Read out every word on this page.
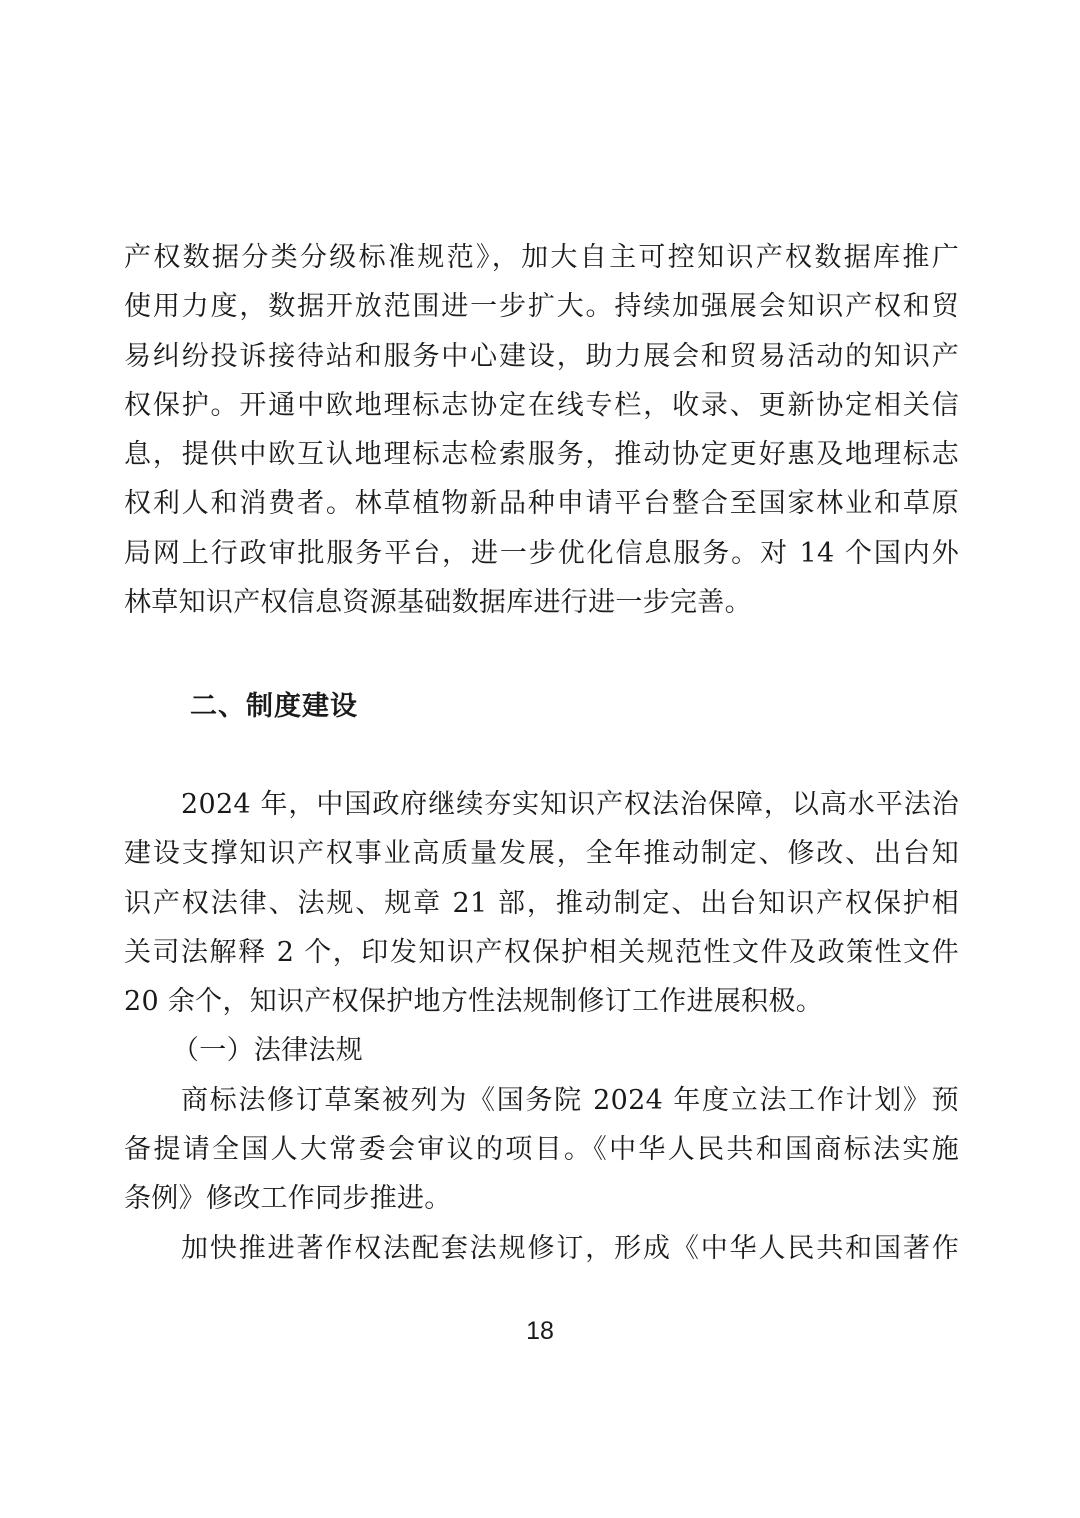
产权数据分类分级标准规范》，加大自主可控知识产权数据库推广
使用力度，数据开放范围进一步扩大。持续加强展会知识产权和贸
易纠纷投诉接待站和服务中心建设，助力展会和贸易活动的知识产
权保护。开通中欧地理标志协定在线专栏，收录、更新协定相关信
息，提供中欧互认地理标志检索服务，推动协定更好惠及地理标志
权利人和消费者。林草植物新品种申请平台整合至国家林业和草原
局网上行政审批服务平台，进一步优化信息服务。对 14 个国内外
林草知识产权信息资源基础数据库进行进一步完善。
二、制度建设
2024 年，中国政府继续夯实知识产权法治保障，以高水平法治
建设支撑知识产权事业高质量发展，全年推动制定、修改、出台知
识产权法律、法规、规章 21 部，推动制定、出台知识产权保护相
关司法解释 2 个，印发知识产权保护相关规范性文件及政策性文件
20 余个，知识产权保护地方性法规制修订工作进展积极。
（一）法律法规
商标法修订草案被列为《国务院 2024 年度立法工作计划》预
备提请全国人大常委会审议的项目。《中华人民共和国商标法实施
条例》修改工作同步推进。
加快推进著作权法配套法规修订，形成《中华人民共和国著作
18
